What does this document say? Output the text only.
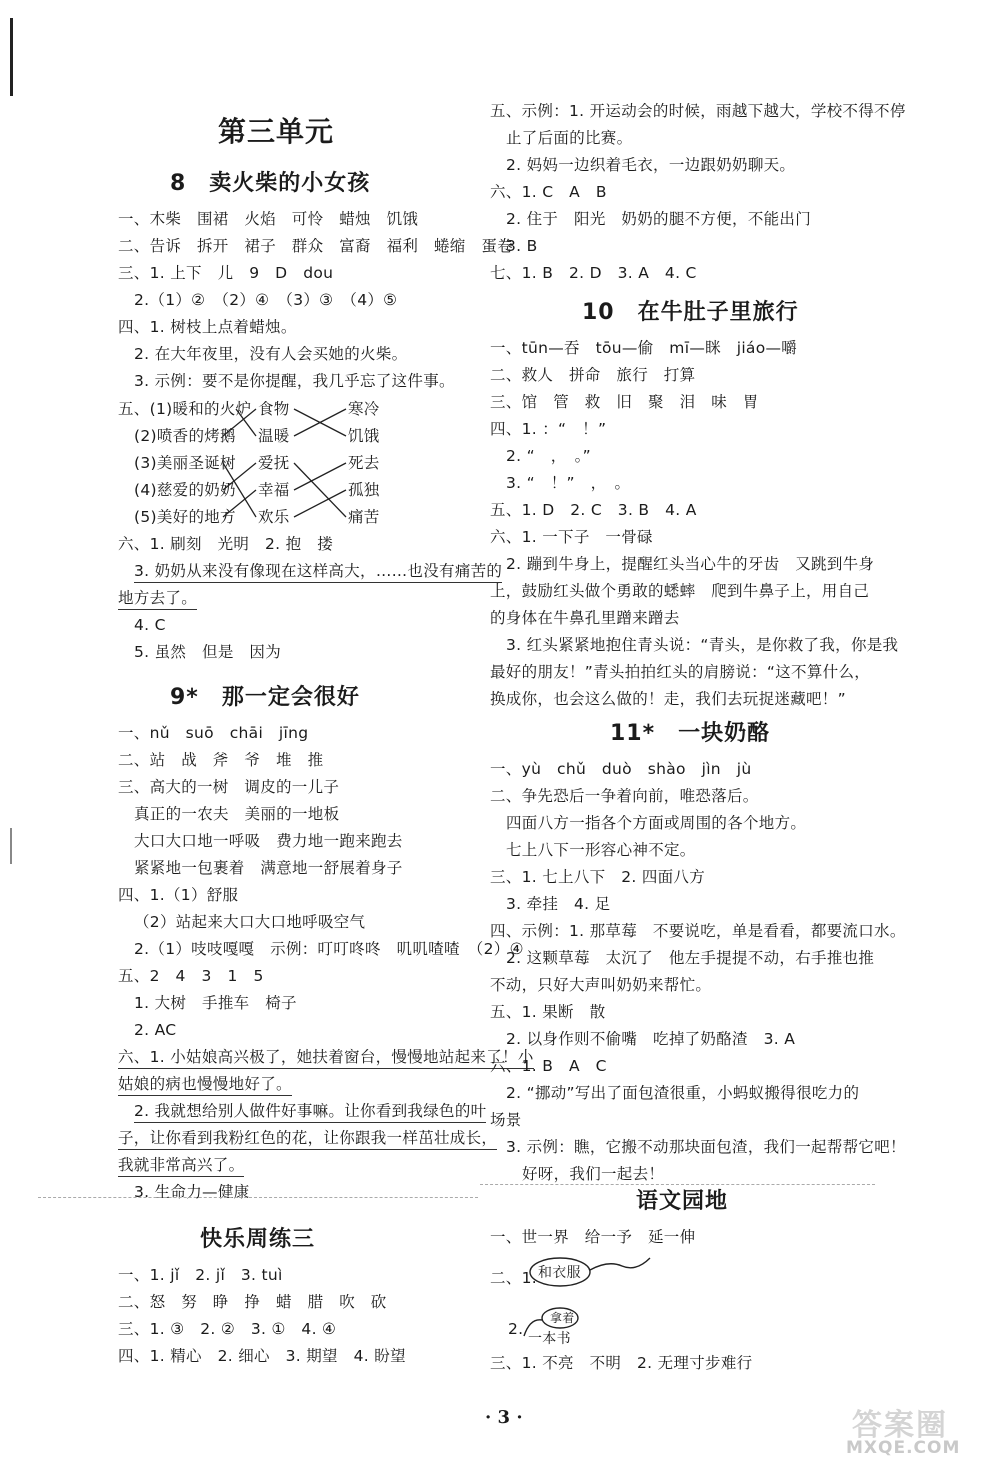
第三单元
8　卖火柴的小女孩
一、木柴　围裙　火焰　可怜　蜡烛　饥饿
二、告诉　拆开　裙子　群众　富裔　福利　蜷缩　蛋卷
三、1. 上下　儿　9　D　dou
2.（1）②　（2）④　（3）③　（4）⑤
四、1. 树枝上点着蜡烛。
2. 在大年夜里，没有人会买她的火柴。
3. 示例：要不是你提醒，我几乎忘了这件事。
五、(1)暖和的火炉
(2)喷香的烤鹅
(3)美丽圣诞树
(4)慈爱的奶奶
(5)美好的地方
食物
温暖
爱抚
幸福
欢乐
寒冷
饥饿
死去
孤独
痛苦
六、1. 刷刻　光明　2. 抱　搂
3. 奶奶从来没有像现在这样高大，……也没有痛苦的
地方去了。
4. C
5. 虽然　但是　因为
9*　那一定会很好
一、nǔ　suō　chāi　jīng
二、站　战　斧　爷　堆　推
三、高大的一树　调皮的一儿子
真正的一农夫　美丽的一地板
大口大口地一呼吸　费力地一跑来跑去
紧紧地一包裹着　满意地一舒展着身子
四、1.（1）舒服
（2）站起来大口大口地呼吸空气
2.（1）吱吱嘎嘎　示例：叮叮咚咚　叽叽喳喳　（2）④
五、2　4　3　1　5
1. 大树　手推车　椅子
2. AC
六、1. 小姑娘高兴极了，她扶着窗台，慢慢地站起来了！小
姑娘的病也慢慢地好了。
2. 我就想给别人做件好事嘛。让你看到我绿色的叶
子，让你看到我粉红色的花，让你跟我一样茁壮成长，
我就非常高兴了。
3. 生命力—健康
快乐周练三
一、1. jǐ　2. jǐ　3. tuì
二、怒　努　睁　挣　蜡　腊　吹　砍
三、1. ③　2. ②　3. ①　4. ④
四、1. 精心　2. 细心　3. 期望　4. 盼望
五、示例：1. 开运动会的时候，雨越下越大，学校不得不停
止了后面的比赛。
2. 妈妈一边织着毛衣，一边跟奶奶聊天。
六、1. C　A　B
2. 住于　阳光　奶奶的腿不方便，不能出门
3. B
七、1. B　2. D　3. A　4. C
10　在牛肚子里旅行
一、tūn—吞　tōu—偷　mī—眯　jiáo—嚼
二、救人　拼命　旅行　打算
三、馆　管　救　旧　聚　泪　味　胃
四、1. ：“　！”
2. “　，　。”
3. “　！”　，　。
五、1. D　2. C　3. B　4. A
六、1. 一下子　一骨碌
2. 蹦到牛身上，提醒红头当心牛的牙齿　又跳到牛身
上，鼓励红头做个勇敢的蟋蟀　爬到牛鼻子上，用自己
的身体在牛鼻孔里蹭来蹭去
3. 红头紧紧地抱住青头说：“青头，是你救了我，你是我
最好的朋友！”青头拍拍红头的肩膀说：“这不算什么，
换成你，也会这么做的！走，我们去玩捉迷藏吧！”
11*　一块奶酪
一、yù　chǔ　duò　shào　jìn　jù
二、争先恐后一争着向前，唯恐落后。
四面八方一指各个方面或周围的各个地方。
七上八下一形容心神不定。
三、1. 七上八下　2. 四面八方
3. 牵挂　4. 足
四、示例：1. 那草莓　不要说吃，单是看看，都要流口水。
2. 这颗草莓　太沉了　他左手提提不动，右手推也推
不动，只好大声叫奶奶来帮忙。
五、1. 果断　散
2. 以身作则不偷嘴　吃掉了奶酪渣　3. A
六、1. B　A　C
2. “挪动”写出了面包渣很重，小蚂蚁搬得很吃力的
场景
3. 示例：瞧，它搬不动那块面包渣，我们一起帮帮它吧！
好呀，我们一起去！
语文园地
一、世一界　给一予　延一伸
二、1. 和衣服
2.
拿着
一本书
三、1. 不亮　不明　2. 无理寸步难行
· 3 ·	答案圈
MXQE.COM
